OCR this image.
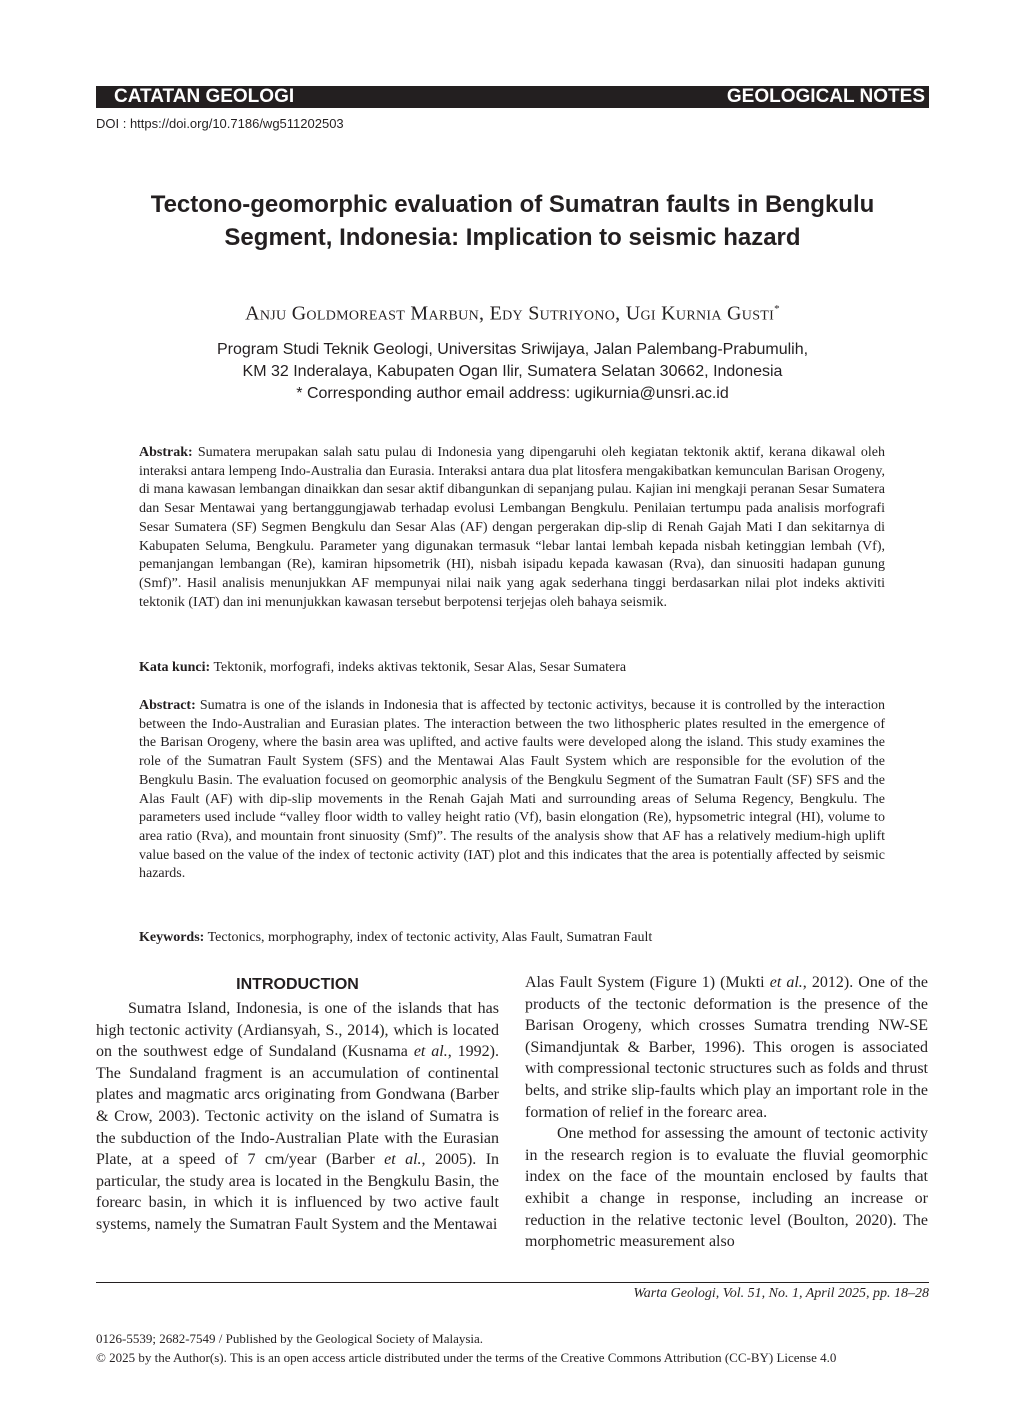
CATATAN GEOLOGI	GEOLOGICAL NOTES
DOI : https://doi.org/10.7186/wg511202503
Tectono-geomorphic evaluation of Sumatran faults in Bengkulu
Segment, Indonesia: Implication to seismic hazard
Anju Goldmoreast Marbun, Edy Sutriyono, Ugi Kurnia Gusti*
Program Studi Teknik Geologi, Universitas Sriwijaya, Jalan Palembang-Prabumulih,
KM 32 Inderalaya, Kabupaten Ogan Ilir, Sumatera Selatan 30662, Indonesia
* Corresponding author email address: ugikurnia@unsri.ac.id
Abstrak: Sumatera merupakan salah satu pulau di Indonesia yang dipengaruhi oleh kegiatan tektonik aktif, kerana dikawal oleh interaksi antara lempeng Indo-Australia dan Eurasia. Interaksi antara dua plat litosfera mengakibatkan kemunculan Barisan Orogeny, di mana kawasan lembangan dinaikkan dan sesar aktif dibangunkan di sepanjang pulau. Kajian ini mengkaji peranan Sesar Sumatera dan Sesar Mentawai yang bertanggungjawab terhadap evolusi Lembangan Bengkulu. Penilaian tertumpu pada analisis morfografi Sesar Sumatera (SF) Segmen Bengkulu dan Sesar Alas (AF) dengan pergerakan dip-slip di Renah Gajah Mati I dan sekitarnya di Kabupaten Seluma, Bengkulu. Parameter yang digunakan termasuk “lebar lantai lembah kepada nisbah ketinggian lembah (Vf), pemanjangan lembangan (Re), kamiran hipsometrik (HI), nisbah isipadu kepada kawasan (Rva), dan sinuositi hadapan gunung (Smf)”. Hasil analisis menunjukkan AF mempunyai nilai naik yang agak sederhana tinggi berdasarkan nilai plot indeks aktiviti tektonik (IAT) dan ini menunjukkan kawasan tersebut berpotensi terjejas oleh bahaya seismik.
Kata kunci: Tektonik, morfografi, indeks aktivas tektonik, Sesar Alas, Sesar Sumatera
Abstract: Sumatra is one of the islands in Indonesia that is affected by tectonic activitys, because it is controlled by the interaction between the Indo-Australian and Eurasian plates. The interaction between the two lithospheric plates resulted in the emergence of the Barisan Orogeny, where the basin area was uplifted, and active faults were developed along the island. This study examines the role of the Sumatran Fault System (SFS) and the Mentawai Alas Fault System which are responsible for the evolution of the Bengkulu Basin. The evaluation focused on geomorphic analysis of the Bengkulu Segment of the Sumatran Fault (SF) SFS and the Alas Fault (AF) with dip-slip movements in the Renah Gajah Mati and surrounding areas of Seluma Regency, Bengkulu. The parameters used include “valley floor width to valley height ratio (Vf), basin elongation (Re), hypsometric integral (HI), volume to area ratio (Rva), and mountain front sinuosity (Smf)”. The results of the analysis show that AF has a relatively medium-high uplift value based on the value of the index of tectonic activity (IAT) plot and this indicates that the area is potentially affected by seismic hazards.
Keywords: Tectonics, morphography, index of tectonic activity, Alas Fault, Sumatran Fault
INTRODUCTION

Sumatra Island, Indonesia, is one of the islands that has high tectonic activity (Ardiansyah, S., 2014), which is located on the southwest edge of Sundaland (Kusnama et al., 1992). The Sundaland fragment is an accumulation of continental plates and magmatic arcs originating from Gondwana (Barber & Crow, 2003). Tectonic activity on the island of Sumatra is the subduction of the Indo-Australian Plate with the Eurasian Plate, at a speed of 7 cm/year (Barber et al., 2005). In particular, the study area is located in the Bengkulu Basin, the forearc basin, in which it is influenced by two active fault systems, namely the Sumatran Fault System and the Mentawai

Alas Fault System (Figure 1) (Mukti et al., 2012). One of the products of the tectonic deformation is the presence of the Barisan Orogeny, which crosses Sumatra trending NW-SE (Simandjuntak & Barber, 1996). This orogen is associated with compressional tectonic structures such as folds and thrust belts, and strike slip-faults which play an important role in the formation of relief in the forearc area.

One method for assessing the amount of tectonic activity in the research region is to evaluate the fluvial geomorphic index on the face of the mountain enclosed by faults that exhibit a change in response, including an increase or reduction in the relative tectonic level (Boulton, 2020). The morphometric measurement also

Warta Geologi, Vol. 51, No. 1, April 2025, pp. 18–28
0126-5539; 2682-7549 / Published by the Geological Society of Malaysia.
© 2025 by the Author(s). This is an open access article distributed under the terms of the Creative Commons Attribution (CC-BY) License 4.0
